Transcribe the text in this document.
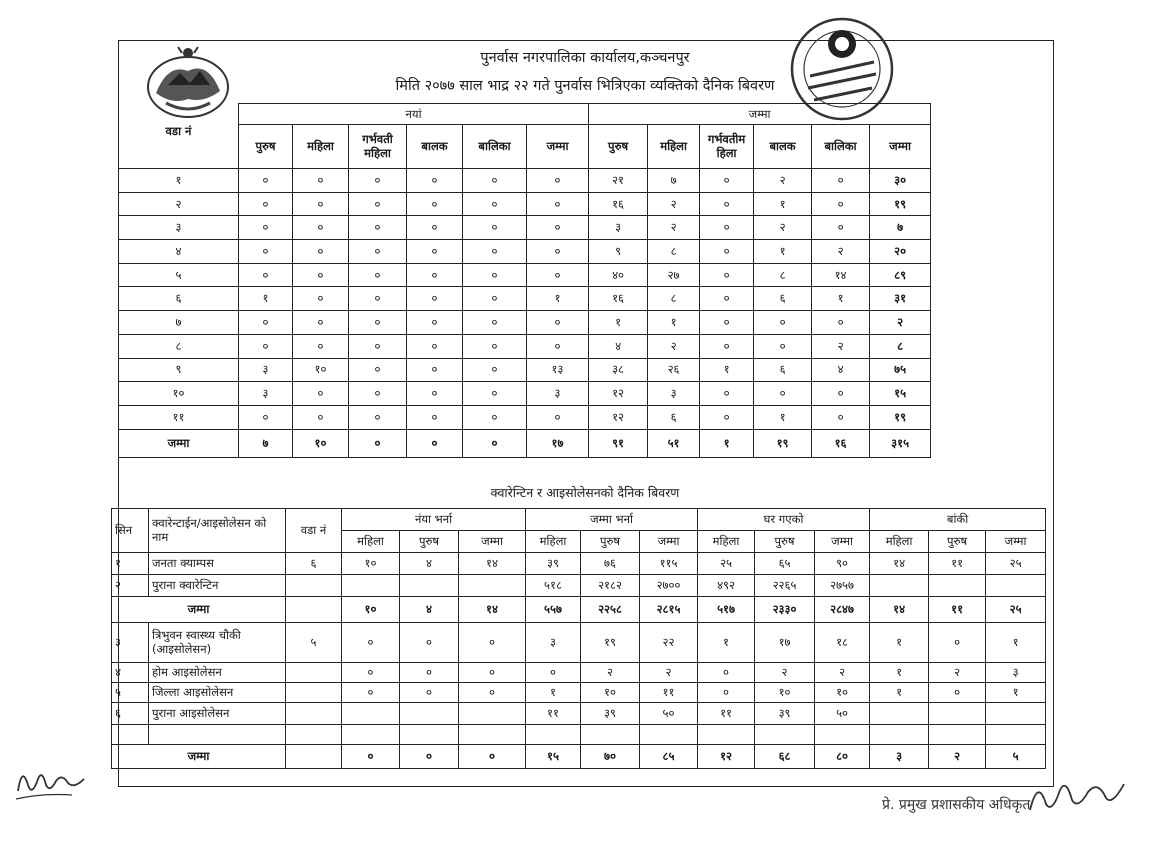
पुनर्वास नगरपालिका कार्यालय,कञ्चनपुर
मिति २०७७ साल भाद्र २२ गते पुनर्वास भित्रिएका व्यक्तिको दैनिक बिवरण
वडा नं	नयां						जम्मा					
	पुरुष	महिला	गर्भवती महिला	बालक	बालिका	जम्मा	पुरुष	महिला	गर्भवतीम हिला	बालक	बालिका	जम्मा
१	०	०	०	०	०	०	२१	७	०	२	०	३०
२	०	०	०	०	०	०	१६	२	०	१	०	१९
३	०	०	०	०	०	०	३	२	०	२	०	७
४	०	०	०	०	०	०	९	८	०	१	२	२०
५	०	०	०	०	०	०	४०	२७	०	८	१४	८९
६	१	०	०	०	०	१	१६	८	०	६	१	३१
७	०	०	०	०	०	०	१	१	०	०	०	२
८	०	०	०	०	०	०	४	२	०	०	२	८
९	३	१०	०	०	०	१३	३८	२६	१	६	४	७५
१०	३	०	०	०	०	३	१२	३	०	०	०	१५
११	०	०	०	०	०	०	१२	६	०	१	०	१९
जम्मा	७	१०	०	०	०	१७	९१	५१	१	१९	१६	३१५
क्वारेन्टिन र आइसोलेसनको दैनिक बिवरण
सिन	क्वारेन्टाईन/आइसोलेसन को नाम	वडा नं	नंया भर्ना			जम्मा भर्ना			घर गएको			बांकी		
			महिला	पुरुष	जम्मा	महिला	पुरुष	जम्मा	महिला	पुरुष	जम्मा	महिला	पुरुष	जम्मा
१	जनता क्याम्पस	६	१०	४	१४	३९	७६	११५	२५	६५	९०	१४	११	२५
२	पुराना क्वारेन्टिन					५१८	२१८२	२७००	४९२	२२६५	२७५७			
जम्मा			१०	४	१४	५५७	२२५८	२८१५	५१७	२३३०	२८४७	१४	११	२५
३	त्रिभुवन स्वास्थ्य चौकी (आइसोलेसन)	५	०	०	०	३	१९	२२	१	१७	१८	१	०	१
४	होम आइसोलेसन		०	०	०	०	२	२	०	२	२	१	२	३
५	जिल्ला आइसोलेसन		०	०	०	१	१०	११	०	१०	१०	१	०	१
६	पुराना आइसोलेसन					११	३९	५०	११	३९	५०			

जम्मा			०	०	०	१५	७०	८५	१२	६८	८०	३	२	५
प्रे. प्रमुख प्रशासकीय अधिकृत
